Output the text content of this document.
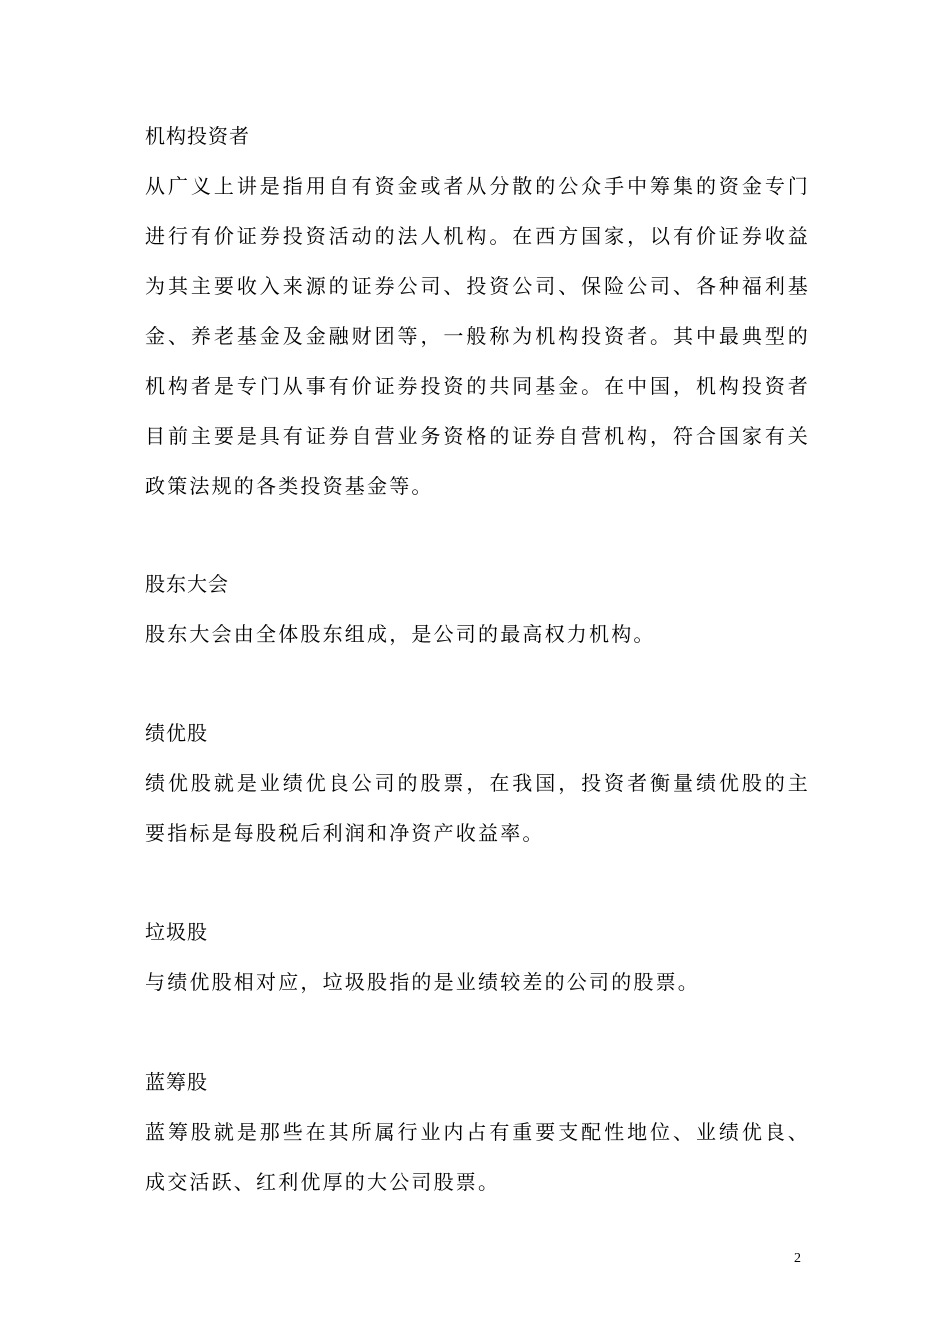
机构投资者

从广义上讲是指用自有资金或者从分散的公众手中筹集的资金专门进行有价证券投资活动的法人机构。在西方国家，以有价证券收益为其主要收入来源的证券公司、投资公司、保险公司、各种福利基金、养老基金及金融财团等，一般称为机构投资者。其中最典型的机构者是专门从事有价证券投资的共同基金。在中国，机构投资者目前主要是具有证券自营业务资格的证券自营机构，符合国家有关政策法规的各类投资基金等。

股东大会

股东大会由全体股东组成，是公司的最高权力机构。

绩优股

绩优股就是业绩优良公司的股票，在我国，投资者衡量绩优股的主要指标是每股税后利润和净资产收益率。

垃圾股

与绩优股相对应，垃圾股指的是业绩较差的公司的股票。

蓝筹股

蓝筹股就是那些在其所属行业内占有重要支配性地位、业绩优良、成交活跃、红利优厚的大公司股票。

2
